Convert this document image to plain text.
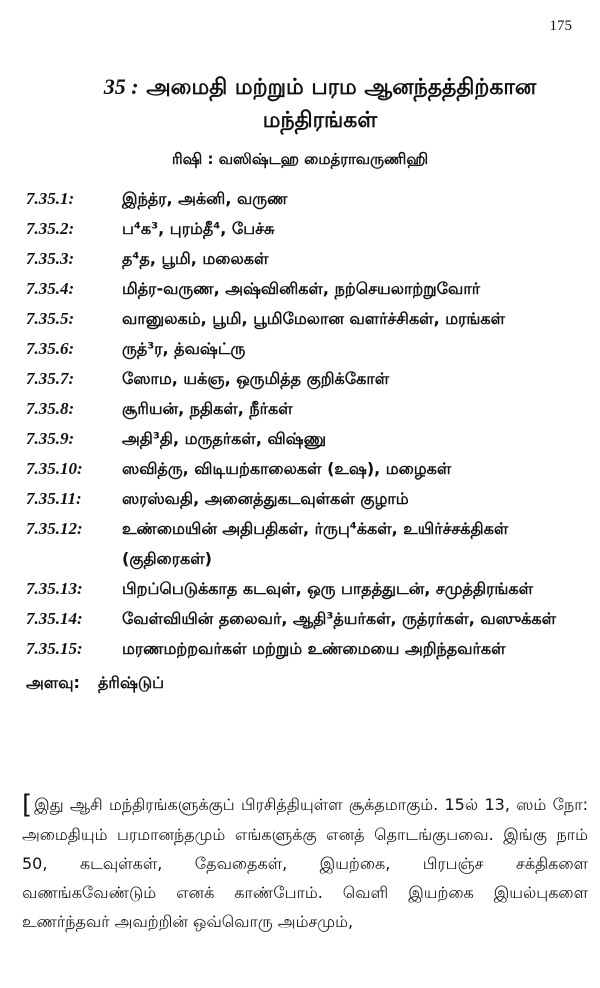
175
35 : அமைதி மற்றும் பரம ஆனந்தத்திற்கான
மந்திரங்கள்
ரிஷி : வஸிஷ்டஹ மைத்ராவருணிஹி
7.35.1:	இந்த்ர, அக்னி, வருண
7.35.2:	ப⁴க³, புரம்தீ⁴, பேச்சு
7.35.3:	த⁴த, பூமி, மலைகள்
7.35.4:	மித்ர-வருண, அஷ்வினிகள், நற்செயலாற்றுவோர்
7.35.5:	வானுலகம், பூமி, பூமிமேலான வளர்ச்சிகள், மரங்கள்
7.35.6:	ருத்³ர, த்வஷ்ட்ரு
7.35.7:	ஸோம, யக்ஞ, ஒருமித்த குறிக்கோள்
7.35.8:	சூரியன், நதிகள், நீர்கள்
7.35.9:	அதி³தி, மருதர்கள், விஷ்ணு
7.35.10:	ஸவித்ரு, விடியற்காலைகள் (உஷ), மழைகள்
7.35.11:	ஸரஸ்வதி, அனைத்துகடவுள்கள் குழாம்
7.35.12:	உண்மையின் அதிபதிகள், ர்ருபு⁴க்கள், உயிர்ச்சக்திகள் (குதிரைகள்)
7.35.13:	பிறப்பெடுக்காத கடவுள், ஒரு பாதத்துடன், சமுத்திரங்கள்
7.35.14:	வேள்வியின் தலைவர், ஆதி³த்யர்கள், ருத்ரர்கள், வஸுக்கள்
7.35.15:	மரணமற்றவர்கள் மற்றும் உண்மையை அறிந்தவர்கள்
அளவு:	த்ரிஷ்டுப்
[ இது ஆசி மந்திரங்களுக்குப் பிரசித்தியுள்ள சூக்தமாகும். 15ல் 13, ஸம் நோ: அமைதியும் பரமானந்தமும் எங்களுக்கு எனத் தொடங்குபவை. இங்கு நாம் 50, கடவுள்கள், தேவதைகள், இயற்கை, பிரபஞ்ச சக்திகளை வணங்கவேண்டும் எனக் காண்போம். வெளி இயற்கை இயல்புகளை உணர்ந்தவர் அவற்றின் ஒவ்வொரு அம்சமும்,
